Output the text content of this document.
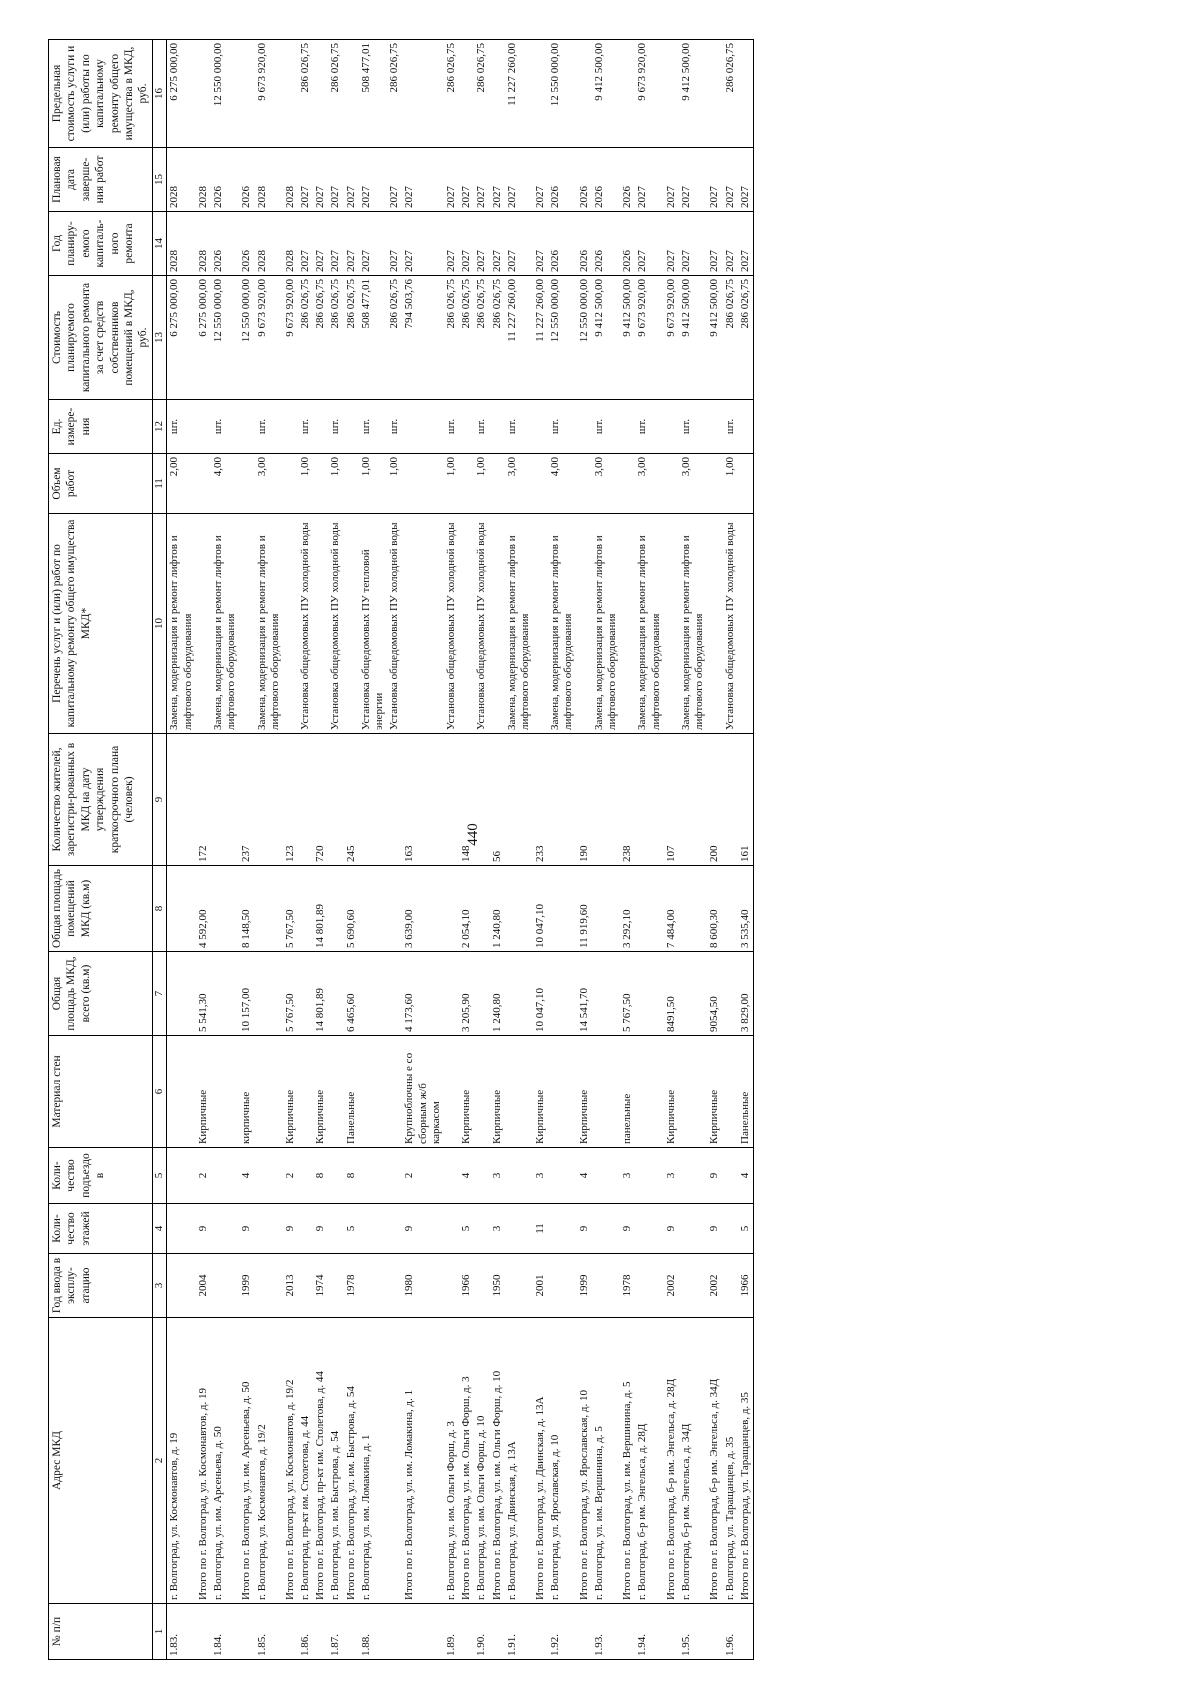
440
№ п/п	Адрес МКД	Год ввода в эксплу-атацию	Коли-чество этажей	Коли-чество подъездо в	Материал стен	Общая площадь МКД, всего (кв.м)	Общая площадь помещений МКД (кв.м)	Количество жителей, зарегистри-рованных в МКД на дату утверждения краткосрочного плана (человек)	Перечень услуг и (или) работ по капитальному ремонту общего имущества МКД*	Объем работ	Ед. измере-ния	Стоимость планируемого капитального ремонта за счет средств собственников помещений в МКД, руб.	Год планиру-емого капиталь-ного ремонта	Плановая дата заверше-ния работ	Предельная стоимость услуги и (или) работы по капитальному ремонту общего имущества в МКД, руб.
1	2	3	4	5	6	7	8	9	10	11	12	13	14	15	16
1.83.	г. Волгоград, ул. Космонавтов, д. 19								Замена, модернизация и ремонт лифтов и лифтового оборудования	2,00	шт.	6 275 000,00	2028	2028	6 275 000,00
	Итого по г. Волгоград, ул. Космонавтов, д. 19	2004	9	2	Кирпичные	5 541,30	4 592,00	172				6 275 000,00	2028	2028	
1.84.	г. Волгоград, ул. им. Арсеньева, д. 50								Замена, модернизация и ремонт лифтов и лифтового оборудования	4,00	шт.	12 550 000,00	2026	2026	12 550 000,00
	Итого по г. Волгоград, ул. им. Арсеньева, д. 50	1999	9	4	кирпичные	10 157,00	8 148,50	237				12 550 000,00	2026	2026	
1.85.	г. Волгоград, ул. Космонавтов, д. 19/2								Замена, модернизация и ремонт лифтов и лифтового оборудования	3,00	шт.	9 673 920,00	2028	2028	9 673 920,00
	Итого по г. Волгоград, ул. Космонавтов, д. 19/2	2013	9	2	Кирпичные	5 767,50	5 767,50	123				9 673 920,00	2028	2028	
1.86.	г. Волгоград, пр-кт им. Столетова, д. 44								Установка общедомовых ПУ холодной воды	1,00	шт.	286 026,75	2027	2027	286 026,75
	Итого по г. Волгоград, пр-кт им. Столетова, д. 44	1974	9	8	Кирпичные	14 801,89	14 801,89	720				286 026,75	2027	2027	
1.87.	г. Волгоград, ул. им. Быстрова, д. 54								Установка общедомовых ПУ холодной воды	1,00	шт.	286 026,75	2027	2027	286 026,75
	Итого по г. Волгоград, ул. им. Быстрова, д. 54	1978	5	8	Панельные	6 465,60	5 690,60	245				286 026,75	2027	2027	
1.88.	г. Волгоград, ул. им. Ломакина, д. 1								Установка общедомовых ПУ тепловой энергии	1,00	шт.	508 477,01	2027	2027	508 477,01
									Установка общедомовых ПУ холодной воды	1,00	шт.	286 026,75	2027	2027	286 026,75
	Итого по г. Волгоград, ул. им. Ломакина, д. 1	1980	9	2	Крупноблочны е со сборным ж/б каркасом	4 173,60	3 639,00	163				794 503,76	2027	2027	
1.89.	г. Волгоград, ул. им. Ольги Форш, д. 3								Установка общедомовых ПУ холодной воды	1,00	шт.	286 026,75	2027	2027	286 026,75
	Итого по г. Волгоград, ул. им. Ольги Форш, д. 3	1966	5	4	Кирпичные	3 205,90	2 054,10	148				286 026,75	2027	2027	
1.90.	г. Волгоград, ул. им. Ольги Форш, д. 10								Установка общедомовых ПУ холодной воды	1,00	шт.	286 026,75	2027	2027	286 026,75
	Итого по г. Волгоград, ул. им. Ольги Форш, д. 10	1950	3	3	Кирпичные	1 240,80	1 240,80	56				286 026,75	2027	2027	
1.91.	г. Волгоград, ул. Двинская, д. 13А								Замена, модернизация и ремонт лифтов и лифтового оборудования	3,00	шт.	11 227 260,00	2027	2027	11 227 260,00
	Итого по г. Волгоград, ул. Двинская, д. 13А	2001	11	3	Кирпичные	10 047,10	10 047,10	233				11 227 260,00	2027	2027	
1.92.	г. Волгоград, ул. Ярославская, д. 10								Замена, модернизация и ремонт лифтов и лифтового оборудования	4,00	шт.	12 550 000,00	2026	2026	12 550 000,00
	Итого по г. Волгоград, ул. Ярославская, д. 10	1999	9	4	Кирпичные	14 541,70	11 919,60	190				12 550 000,00	2026	2026	
1.93.	г. Волгоград, ул. им. Вершинина, д. 5								Замена, модернизация и ремонт лифтов и лифтового оборудования	3,00	шт.	9 412 500,00	2026	2026	9 412 500,00
	Итого по г. Волгоград, ул. им. Вершинина, д. 5	1978	9	3	панельные	5 767,50	3 292,10	238				9 412 500,00	2026	2026	
1.94.	г. Волгоград, б-р им. Энгельса, д. 28Д								Замена, модернизация и ремонт лифтов и лифтового оборудования	3,00	шт.	9 673 920,00	2027	2027	9 673 920,00
	Итого по г. Волгоград, б-р им. Энгельса, д. 28Д	2002	9	3	Кирпичные	8491,50	7 484,00	107				9 673 920,00	2027	2027	
1.95.	г. Волгоград, б-р им. Энгельса, д. 34Д								Замена, модернизация и ремонт лифтов и лифтового оборудования	3,00	шт.	9 412 500,00	2027	2027	9 412 500,00
	Итого по г. Волгоград, б-р им. Энгельса, д. 34Д	2002	9	9	Кирпичные	9054,50	8 600,30	200				9 412 500,00	2027	2027	
1.96.	г. Волгоград, ул. Таращанцев, д. 35								Установка общедомовых ПУ холодной воды	1,00	шт.	286 026,75	2027	2027	286 026,75
	Итого по г. Волгоград, ул. Таращанцев, д. 35	1966	5	4	Панельные	3 829,00	3 535,40	161				286 026,75	2027	2027	
